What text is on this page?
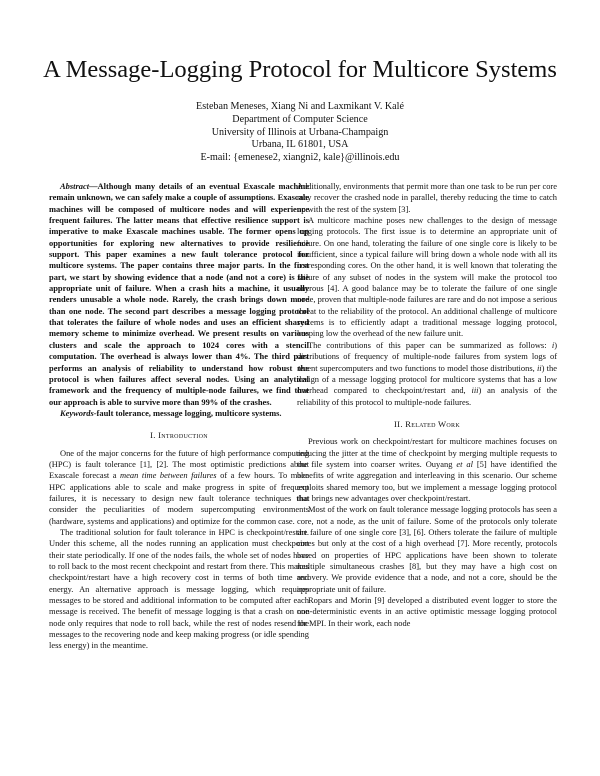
A Message-Logging Protocol for Multicore Systems
Esteban Meneses, Xiang Ni and Laxmikant V. Kalé
Department of Computer Science
University of Illinois at Urbana-Champaign
Urbana, IL 61801, USA
E-mail: {emenese2, xiangni2, kale}@illinois.edu

Abstract—Although many details of an eventual Exascale machine remain unknown, we can safely make a couple of assumptions. Exascale machines will be composed of multicore nodes and will experience frequent failures. The latter means that effective resilience support is imperative to make Exascale machines usable. The former opens up opportunities for exploring new alternatives to provide resilience support. This paper examines a new fault tolerance protocol for multicore systems. The paper contains three major parts. In the first part, we start by showing evidence that a node (and not a core) is the appropriate unit of failure. When a crash hits a machine, it usually renders unusable a whole node. Rarely, the crash brings down more than one node. The second part describes a message logging protocol that tolerates the failure of whole nodes and uses an efficient shared memory scheme to minimize overhead. We present results on various clusters and scale the approach to 1024 cores with a stencil computation. The overhead is always lower than 4%. The third part performs an analysis of reliability to understand how robust the protocol is when failures affect several nodes. Using an analytical framework and the frequency of multiple-node failures, we find that our approach is able to survive more than 99% of the crashes.

Keywords-fault tolerance, message logging, multicore systems.

I. Introduction

One of the major concerns for the future of high performance computing (HPC) is fault tolerance [1], [2]. The most optimistic predictions about Exascale forecast a mean time between failures of a few hours. To make HPC applications able to scale and make progress in spite of frequent failures, it is necessary to design new fault tolerance techniques that consider the peculiarities of modern supercomputing environments (hardware, systems and applications) and optimize for the common case.

The traditional solution for fault tolerance in HPC is checkpoint/restart. Under this scheme, all the nodes running an application must checkpoint their state periodically. If one of the nodes fails, the whole set of nodes have to roll back to the most recent checkpoint and restart from there. This makes checkpoint/restart have a high recovery cost in terms of both time and energy. An alternative approach is message logging, which requires messages to be stored and additional information to be computed after each message is received. The benefit of message logging is that a crash on one node only requires that node to roll back, while the rest of nodes resend the messages to the recovering node and keep making progress (or idle spending less energy) in the meantime.

Additionally, environments that permit more than one task to be run per core may recover the crashed node in parallel, thereby reducing the time to catch up with the rest of the system [3].

A multicore machine poses new challenges to the design of message logging protocols. The first issue is to determine an appropriate unit of failure. On one hand, tolerating the failure of one single core is likely to be insufficient, since a typical failure will bring down a whole node with all its corresponding cores. On the other hand, it is well known that tolerating the failure of any subset of nodes in the system will make the protocol too onerous [4]. A good balance may be to tolerate the failure of one single node, proven that multiple-node failures are rare and do not impose a serious threat to the reliability of the protocol. An additional challenge of multicore systems is to efficiently adapt a traditional message logging protocol, keeping low the overhead of the new failure unit.

The contributions of this paper can be summarized as follows: i) distributions of frequency of multiple-node failures from system logs of recent supercomputers and two functions to model those distributions, ii) the design of a message logging protocol for multicore systems that has a low overhead compared to checkpoint/restart and, iii) an analysis of the reliability of this protocol to multiple-node failures.

II. Related Work

Previous work on checkpoint/restart for multicore machines focuses on reducing the jitter at the time of checkpoint by merging multiple requests to the file system into coarser writes. Ouyang et al [5] have identified the benefits of write aggregation and interleaving in this scenario. Our scheme exploits shared memory too, but we implement a message logging protocol that brings new advantages over checkpoint/restart.

Most of the work on fault tolerance message logging protocols has seen a core, not a node, as the unit of failure. Some of the protocols only tolerate the failure of one single core [3], [6]. Others tolerate the failure of multiple cores but only at the cost of a high overhead [7]. More recently, protocols based on properties of HPC applications have been shown to tolerate multiple simultaneous crashes [8], but they may have a high cost on recovery. We provide evidence that a node, and not a core, should be the appropriate unit of failure.

Ropars and Morin [9] developed a distributed event logger to store the non-deterministic events in an active optimistic message logging protocol for MPI. In their work, each node
